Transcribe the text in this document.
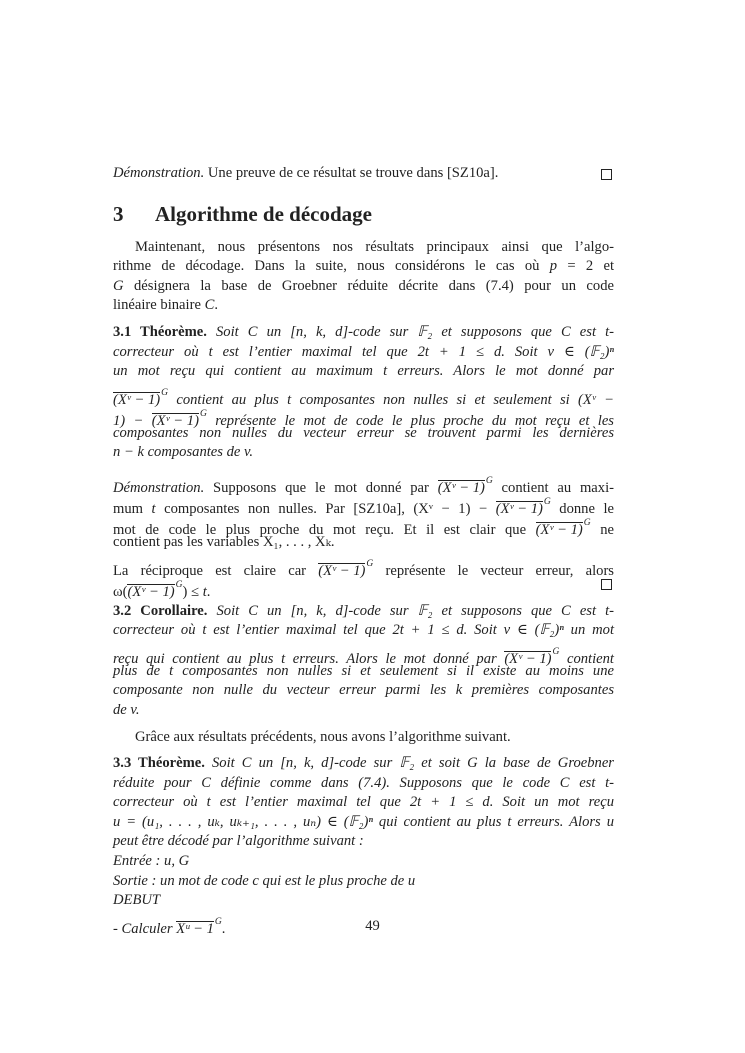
Démonstration. Une preuve de ce résultat se trouve dans [SZ10a].
3 Algorithme de décodage
Maintenant, nous présentons nos résultats principaux ainsi que l’algo-
rithme de décodage. Dans la suite, nous considérons le cas où p = 2 et
G désignera la base de Groebner réduite décrite dans (7.4) pour un code
linéaire binaire C.
3.1 Théorème. Soit C un [n, k, d]-code sur 𝔽₂ et supposons que C est t-
correcteur où t est l’entier maximal tel que 2t + 1 ≤ d. Soit v ∈ (𝔽₂)ⁿ
un mot reçu qui contient au maximum t erreurs. Alors le mot donné par
(Xᵛ − 1)$^G$ contient au plus t composantes non nulles si et seulement si (Xᵛ −
1) − (Xᵛ − 1)$^G$ représente le mot de code le plus proche du mot reçu et les
composantes non nulles du vecteur erreur se trouvent parmi les dernières
n − k composantes de v.
Démonstration. Supposons que le mot donné par (Xᵛ − 1)$^G$ contient au maxi-
mum t composantes non nulles. Par [SZ10a], (Xᵛ − 1) − (Xᵛ − 1)$^G$ donne le
mot de code le plus proche du mot reçu. Et il est clair que (Xᵛ − 1)$^G$ ne
contient pas les variables X₁, . . . , Xₖ.
La réciproque est claire car (Xᵛ − 1)$^G$ représente le vecteur erreur, alors
ω((Xᵛ − 1)$^G$) ≤ t.
3.2 Corollaire. Soit C un [n, k, d]-code sur 𝔽₂ et supposons que C est t-
correcteur où t est l’entier maximal tel que 2t + 1 ≤ d. Soit v ∈ (𝔽₂)ⁿ un mot
reçu qui contient au plus t erreurs. Alors le mot donné par (Xᵛ − 1)$^G$ contient
plus de t composantes non nulles si et seulement si il existe au moins une
composante non nulle du vecteur erreur parmi les k premières composantes
de v.
Grâce aux résultats précédents, nous avons l’algorithme suivant.
3.3 Théorème. Soit C un [n, k, d]-code sur 𝔽₂ et soit G la base de Groebner
réduite pour C définie comme dans (7.4). Supposons que le code C est t-
correcteur où t est l’entier maximal tel que 2t + 1 ≤ d. Soit un mot reçu
u = (u₁, . . . , uₖ, uₖ₊₁, . . . , uₙ) ∈ (𝔽₂)ⁿ qui contient au plus t erreurs. Alors u
peut être décodé par l’algorithme suivant :
Entrée : u, G
Sortie : un mot de code c qui est le plus proche de u
DEBUT
- Calculer Xᵘ − $1^G$.	49
